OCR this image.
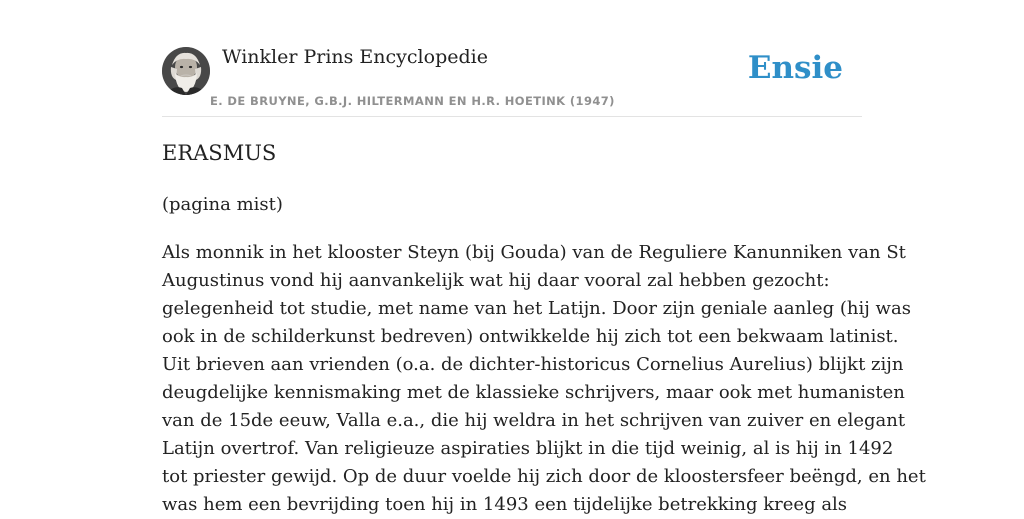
Winkler Prins Encyclopedie
E. DE BRUYNE, G.B.J. HILTERMANN EN H.R. HOETINK (1947)
Ensie
ERASMUS

(pagina mist)

Als monnik in het klooster Steyn (bij Gouda) van de Reguliere Kanunniken van St
Augustinus vond hij aanvankelijk wat hij daar vooral zal hebben gezocht:
gelegenheid tot studie, met name van het Latijn. Door zijn geniale aanleg (hij was
ook in de schilderkunst bedreven) ontwikkelde hij zich tot een bekwaam latinist.
Uit brieven aan vrienden (o.a. de dichter-historicus Cornelius Aurelius) blijkt zijn
deugdelijke kennismaking met de klassieke schrijvers, maar ook met humanisten
van de 15de eeuw, Valla e.a., die hij weldra in het schrijven van zuiver en elegant
Latijn overtrof. Van religieuze aspiraties blijkt in die tijd weinig, al is hij in 1492
tot priester gewijd. Op de duur voelde hij zich door de kloostersfeer beëngd, en het
was hem een bevrijding toen hij in 1493 een tijdelijke betrekking kreeg als
